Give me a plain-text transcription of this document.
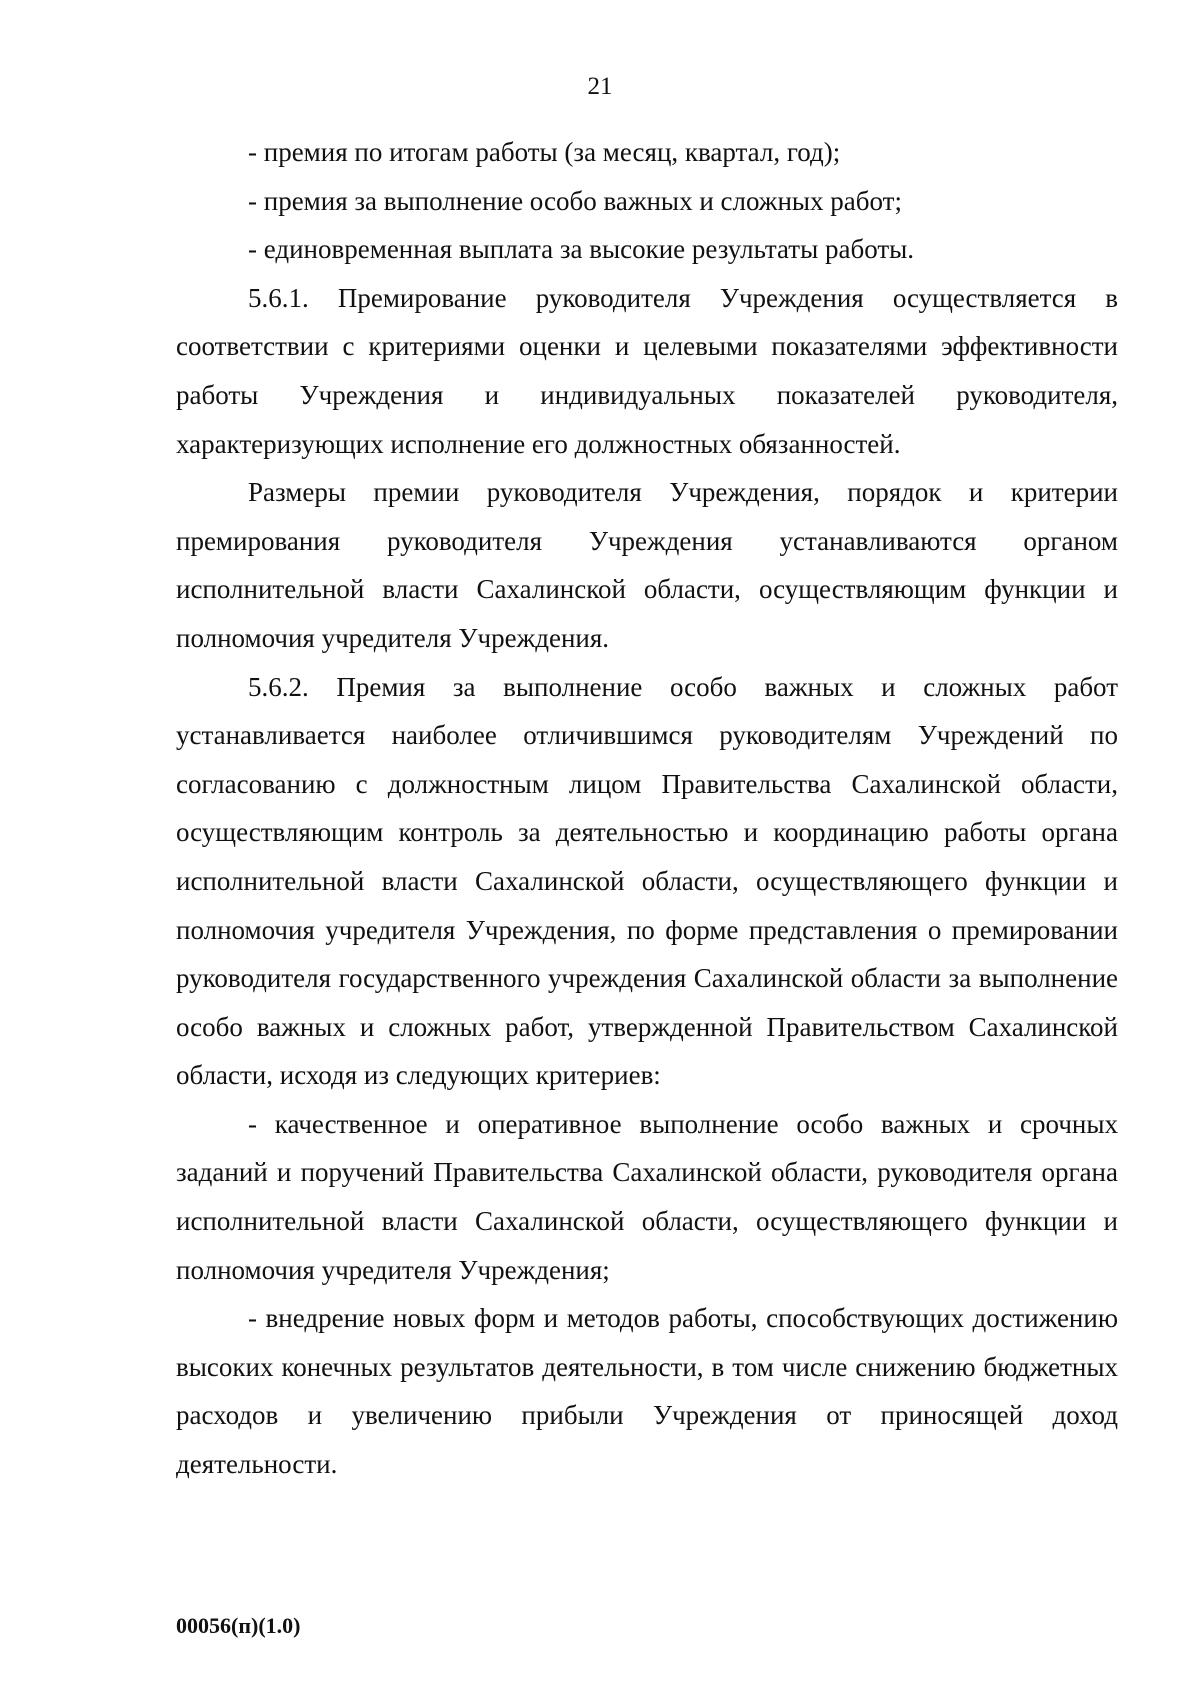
21

- премия по итогам работы (за месяц, квартал, год);

- премия за выполнение особо важных и сложных работ;

- единовременная выплата за высокие результаты работы.

5.6.1. Премирование руководителя Учреждения осуществляется в соответствии с критериями оценки и целевыми показателями эффективности работы Учреждения и индивидуальных показателей руководителя, характеризующих исполнение его должностных обязанностей.

Размеры премии руководителя Учреждения, порядок и критерии премирования руководителя Учреждения устанавливаются органом исполнительной власти Сахалинской области, осуществляющим функции и полномочия учредителя Учреждения.

5.6.2. Премия за выполнение особо важных и сложных работ устанавливается наиболее отличившимся руководителям Учреждений по согласованию с должностным лицом Правительства Сахалинской области, осуществляющим контроль за деятельностью и координацию работы органа исполнительной власти Сахалинской области, осуществляющего функции и полномочия учредителя Учреждения, по форме представления о премировании руководителя государственного учреждения Сахалинской области за выполнение особо важных и сложных работ, утвержденной Правительством Сахалинской области, исходя из следующих критериев:

- качественное и оперативное выполнение особо важных и срочных заданий и поручений Правительства Сахалинской области, руководителя органа исполнительной власти Сахалинской области, осуществляющего функции и полномочия учредителя Учреждения;

- внедрение новых форм и методов работы, способствующих достижению высоких конечных результатов деятельности, в том числе снижению бюджетных расходов и увеличению прибыли Учреждения от приносящей доход деятельности.

00056(п)(1.0)
